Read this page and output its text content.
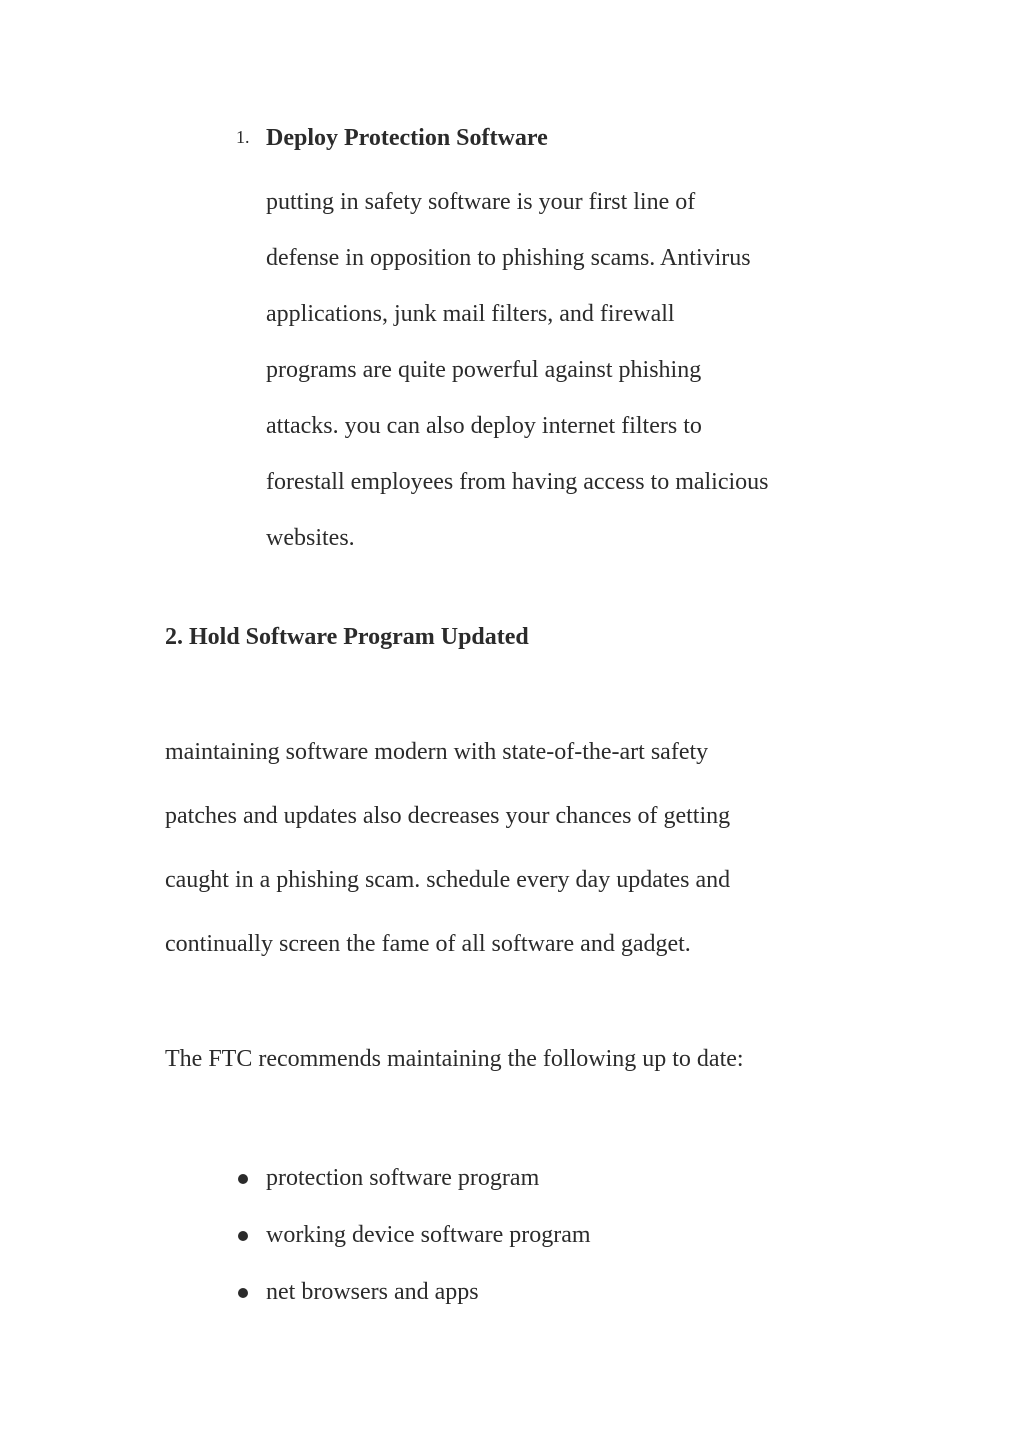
1. Deploy Protection Software
putting in safety software is your first line of
defense in opposition to phishing scams. Antivirus
applications, junk mail filters, and firewall
programs are quite powerful against phishing
attacks. you can also deploy internet filters to
forestall employees from having access to malicious
websites.
2. Hold Software Program Updated
maintaining software modern with state-of-the-art safety
patches and updates also decreases your chances of getting
caught in a phishing scam. schedule every day updates and
continually screen the fame of all software and gadget.
The FTC recommends maintaining the following up to date:
protection software program
working device software program
net browsers and apps
